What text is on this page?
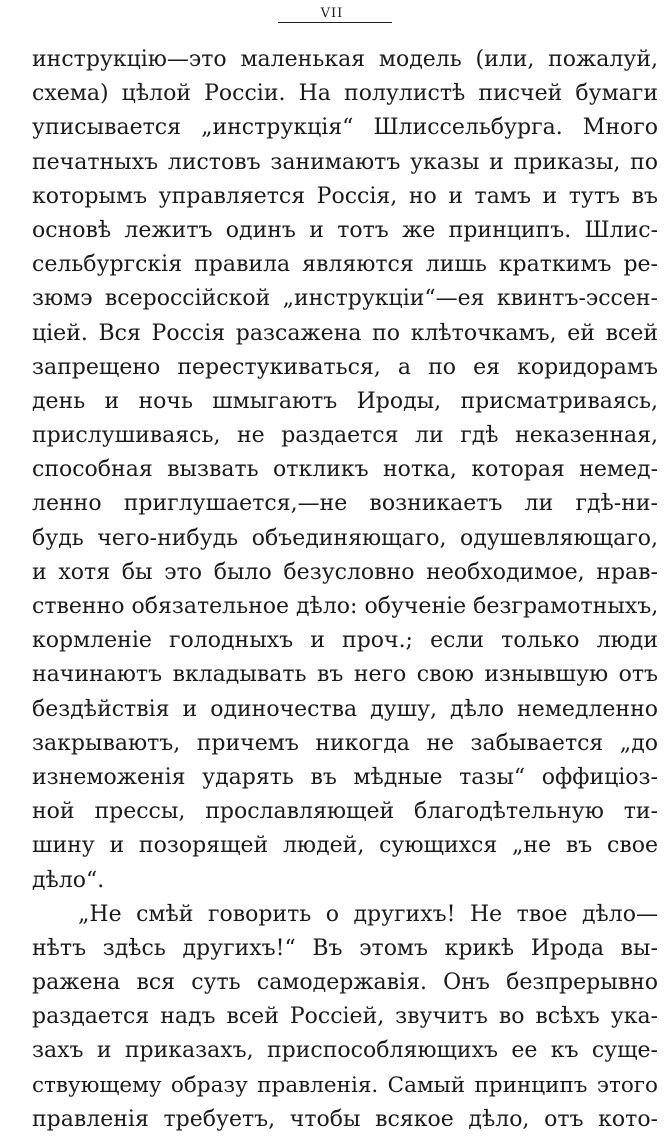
VII
инструкцію—это маленькая модель (или, пожалуй,
схема) цѣлой Россіи. На полулистѣ писчей бумаги
уписывается „инструкція“ Шлиссельбурга. Много
печатныхъ листовъ занимаютъ указы и приказы, по
которымъ управляется Россія, но и тамъ и тутъ въ
основѣ лежитъ одинъ и тотъ же принципъ. Шлис-
сельбургскія правила являются лишь краткимъ ре-
зюмэ всероссійской „инструкціи“—ея квинтъ-эссен-
ціей. Вся Россія разсажена по клѣточкамъ, ей всей
запрещено перестукиваться, а по ея коридорамъ
день и ночь шмыгаютъ Ироды, присматриваясь,
прислушиваясь, не раздается ли гдѣ неказенная,
способная вызвать откликъ нотка, которая немед-
ленно приглушается,—не возникаетъ ли гдѣ-ни-
будь чего-нибудь объединяющаго, одушевляющаго,
и хотя бы это было безусловно необходимое, нрав-
ственно обязательное дѣло: обученіе безграмотныхъ,
кормленіе голодныхъ и проч.; если только люди
начинаютъ вкладывать въ него свою изнывшую отъ
бездѣйствія и одиночества душу, дѣло немедленно
закрываютъ, причемъ никогда не забывается „до
изнеможенія ударять въ мѣдные тазы“ оффиціоз-
ной прессы, прославляющей благодѣтельную ти-
шину и позорящей людей, сующихся „не въ свое
дѣло“.
„Не смѣй говорить о другихъ! Не твое дѣло—
нѣтъ здѣсь другихъ!“ Въ этомъ крикѣ Ирода вы-
ражена вся суть самодержавія. Онъ безпрерывно
раздается надъ всей Россіей, звучитъ во всѣхъ ука-
захъ и приказахъ, приспособляющихъ ее къ суще-
ствующему образу правленія. Самый принципъ этого
правленія требуетъ, чтобы всякое дѣло, отъ кото-
